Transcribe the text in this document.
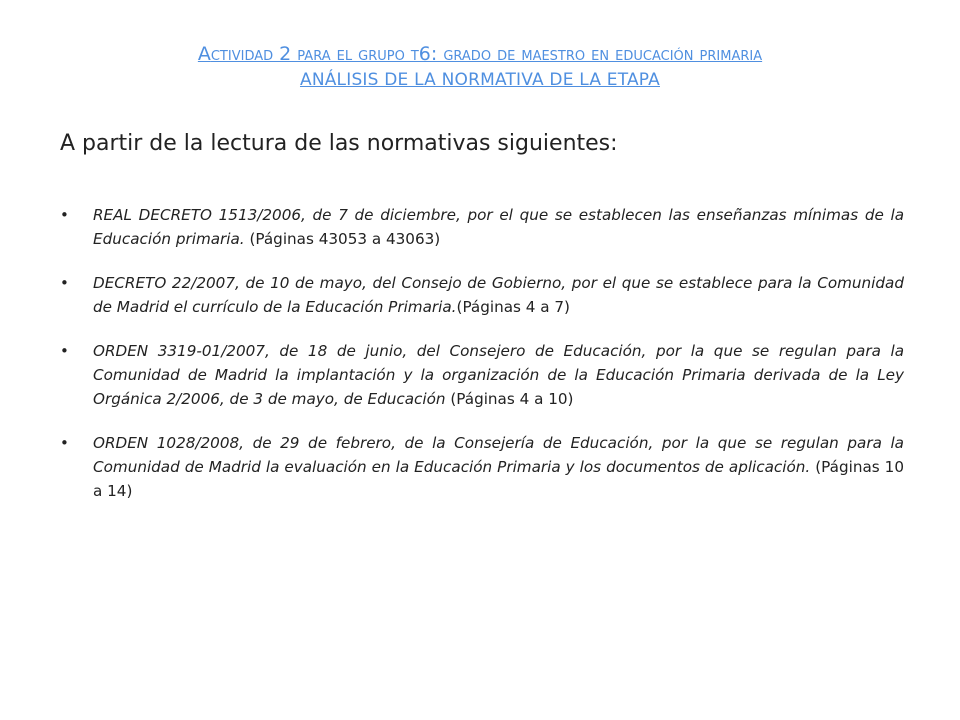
Actividad 2 para el grupo t6: grado de maestro en educación primaria
ANÁLISIS DE LA NORMATIVA DE LA ETAPA
A partir de la lectura de las normativas siguientes:
• REAL DECRETO 1513/2006, de 7 de diciembre, por el que se establecen las enseñanzas mínimas de la Educación primaria. (Páginas 43053 a 43063)
• DECRETO 22/2007, de 10 de mayo, del Consejo de Gobierno, por el que se establece para la Comunidad de Madrid el currículo de la Educación Primaria.(Páginas 4 a 7)
• ORDEN 3319-01/2007, de 18 de junio, del Consejero de Educación, por la que se regulan para la Comunidad de Madrid la implantación y la organización de la Educación Primaria derivada de la Ley Orgánica 2/2006, de 3 de mayo, de Educación (Páginas 4 a 10)
• ORDEN 1028/2008, de 29 de febrero, de la Consejería de Educación, por la que se regulan para la Comunidad de Madrid la evaluación en la Educación Primaria y los documentos de aplicación. (Páginas 10 a 14)
